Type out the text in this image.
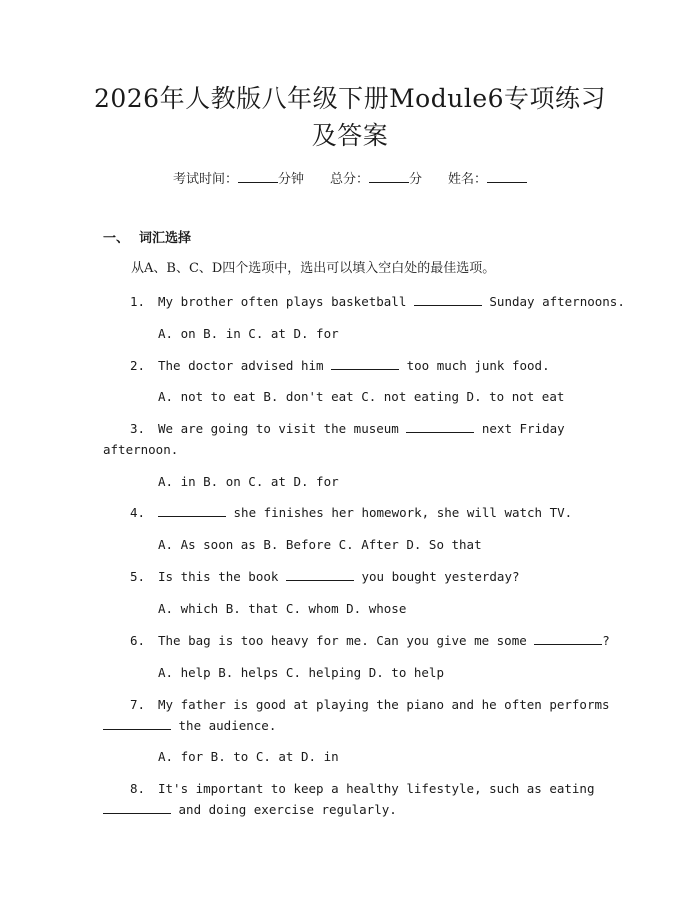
2026年人教版八年级下册Module6专项练习
及答案
考试时间：	分钟 总分：	分 姓名：
一、 词汇选择
从A、B、C、D四个选项中，选出可以填入空白处的最佳选项。
1. My brother often plays basketball	Sunday afternoons.
A. on B. in C. at D. for
2. The doctor advised him	too much junk food.
A. not to eat B. don't eat C. not eating D. to not eat
3. We are going to visit the museum	next Friday
afternoon.
A. in B. on C. at D. for
4.	she finishes her homework, she will watch TV.
A. As soon as B. Before C. After D. So that
5. Is this the book	you bought yesterday?
A. which B. that C. whom D. whose
6. The bag is too heavy for me. Can you give me some	?
A. help B. helps C. helping D. to help
7. My father is good at playing the piano and he often performs
the audience.
A. for B. to C. at D. in
8. It's important to keep a healthy lifestyle, such as eating
and doing exercise regularly.
